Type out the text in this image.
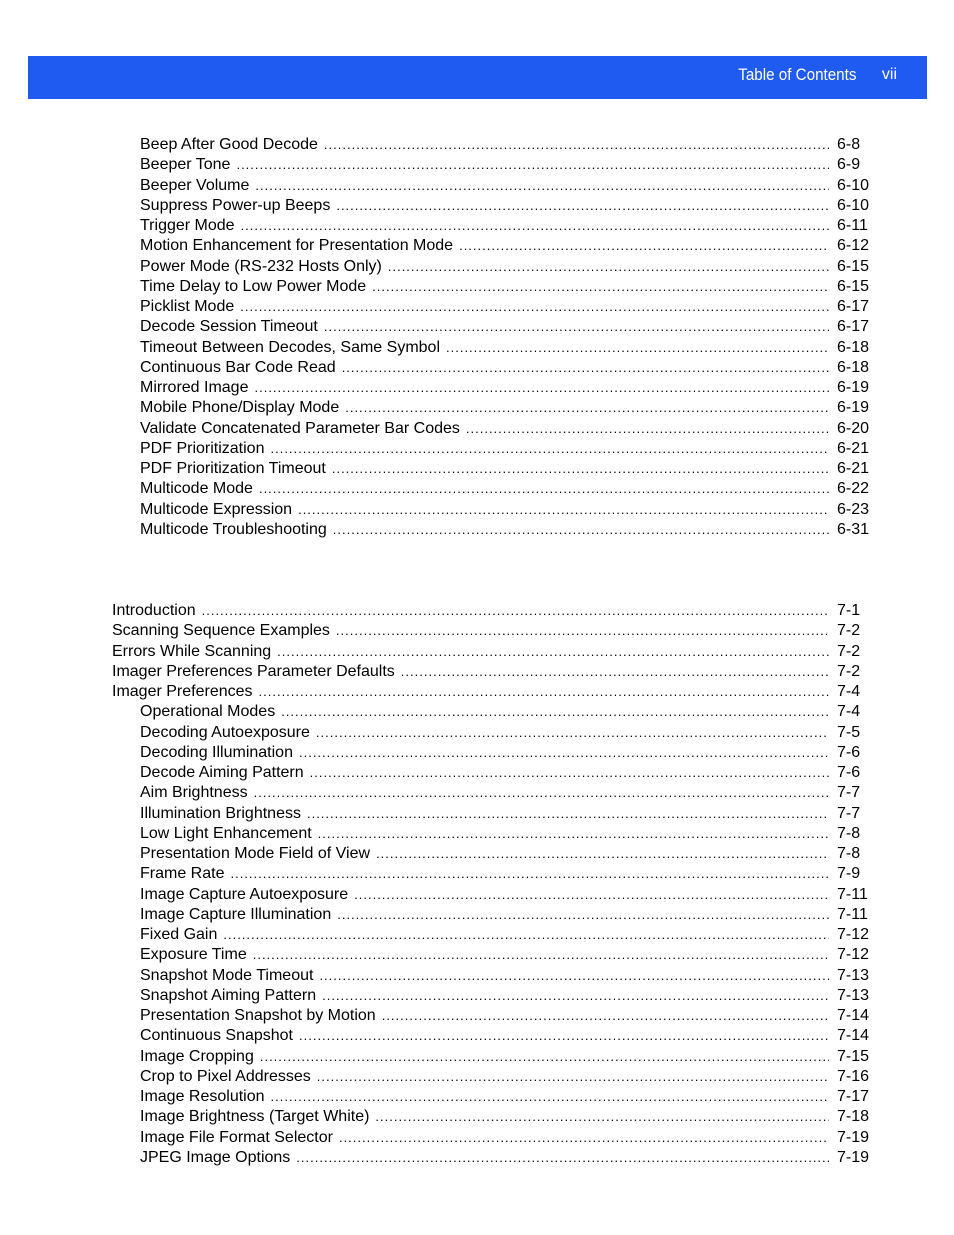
Table of Contents vii
Beep After Good Decode .....	6-8
Beeper Tone .....	6-9
Beeper Volume .....	6-10
Suppress Power-up Beeps .....	6-10
Trigger Mode .....	6-11
Motion Enhancement for Presentation Mode .....	6-12
Power Mode (RS-232 Hosts Only) .....	6-15
Time Delay to Low Power Mode .....	6-15
Picklist Mode .....	6-17
Decode Session Timeout .....	6-17
Timeout Between Decodes, Same Symbol .....	6-18
Continuous Bar Code Read .....	6-18
Mirrored Image .....	6-19
Mobile Phone/Display Mode .....	6-19
Validate Concatenated Parameter Bar Codes .....	6-20
PDF Prioritization .....	6-21
PDF Prioritization Timeout .....	6-21
Multicode Mode .....	6-22
Multicode Expression .....	6-23
Multicode Troubleshooting .....	6-31
Introduction .....	7-1
Scanning Sequence Examples .....	7-2
Errors While Scanning .....	7-2
Imager Preferences Parameter Defaults .....	7-2
Imager Preferences .....	7-4
Operational Modes .....	7-4
Decoding Autoexposure .....	7-5
Decoding Illumination .....	7-6
Decode Aiming Pattern .....	7-6
Aim Brightness .....	7-7
Illumination Brightness .....	7-7
Low Light Enhancement .....	7-8
Presentation Mode Field of View .....	7-8
Frame Rate .....	7-9
Image Capture Autoexposure .....	7-11
Image Capture Illumination .....	7-11
Fixed Gain .....	7-12
Exposure Time .....	7-12
Snapshot Mode Timeout .....	7-13
Snapshot Aiming Pattern .....	7-13
Presentation Snapshot by Motion .....	7-14
Continuous Snapshot .....	7-14
Image Cropping .....	7-15
Crop to Pixel Addresses .....	7-16
Image Resolution .....	7-17
Image Brightness (Target White) .....	7-18
Image File Format Selector .....	7-19
JPEG Image Options .....	7-19
